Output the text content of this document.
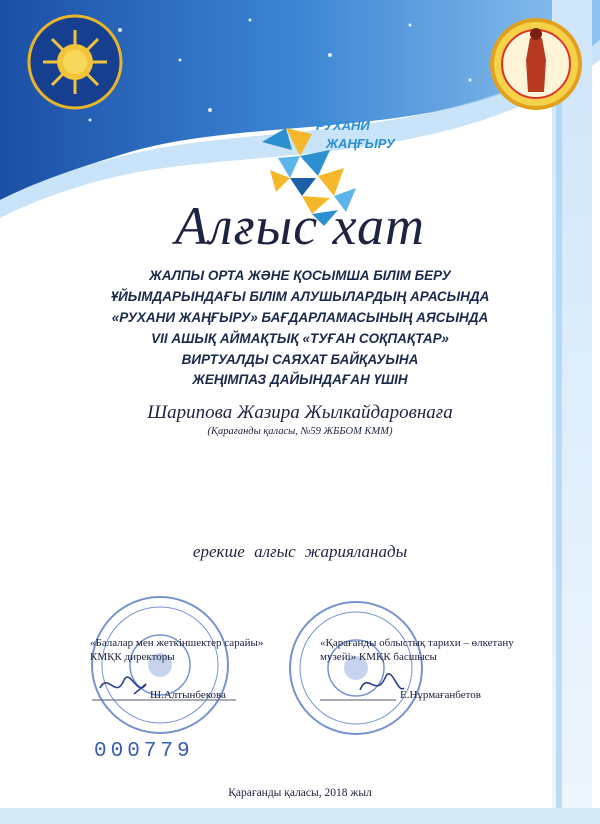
РУХАНИ
ЖАҢҒЫРУ
Алғыс хат
ЖАЛПЫ ОРТА ЖӘНЕ ҚОСЫМША БІЛІМ БЕРУ
ҰЙЫМДАРЫНДАҒЫ БІЛІМ АЛУШЫЛАРДЫҢ АРАСЫНДА
«РУХАНИ ЖАҢҒЫРУ» БАҒДАРЛАМАСЫНЫҢ АЯСЫНДА
VII АШЫҚ АЙМАҚТЫҚ «ТУҒАН СОҚПАҚТАР»
ВИРТУАЛДЫ САЯХАТ БАЙҚАУЫНА
ЖЕҢІМПАЗ ДАЙЫНДАҒАН ҮШІН
Шарипова Жазира Жылкайдаровнаға
(Қарағанды қаласы, №59 ЖББОМ КММ)
ерекше алғыс жарияланады
«Балалар мен жеткіншектер сарайы»
КМҚК директоры
Ш.Алтынбекова
«Қарағанды облыстық тарихи – өлкетану
музейі» КМҚК басшысы
Е.Нұрмағанбетов
000779
Қарағанды қаласы, 2018 жыл
